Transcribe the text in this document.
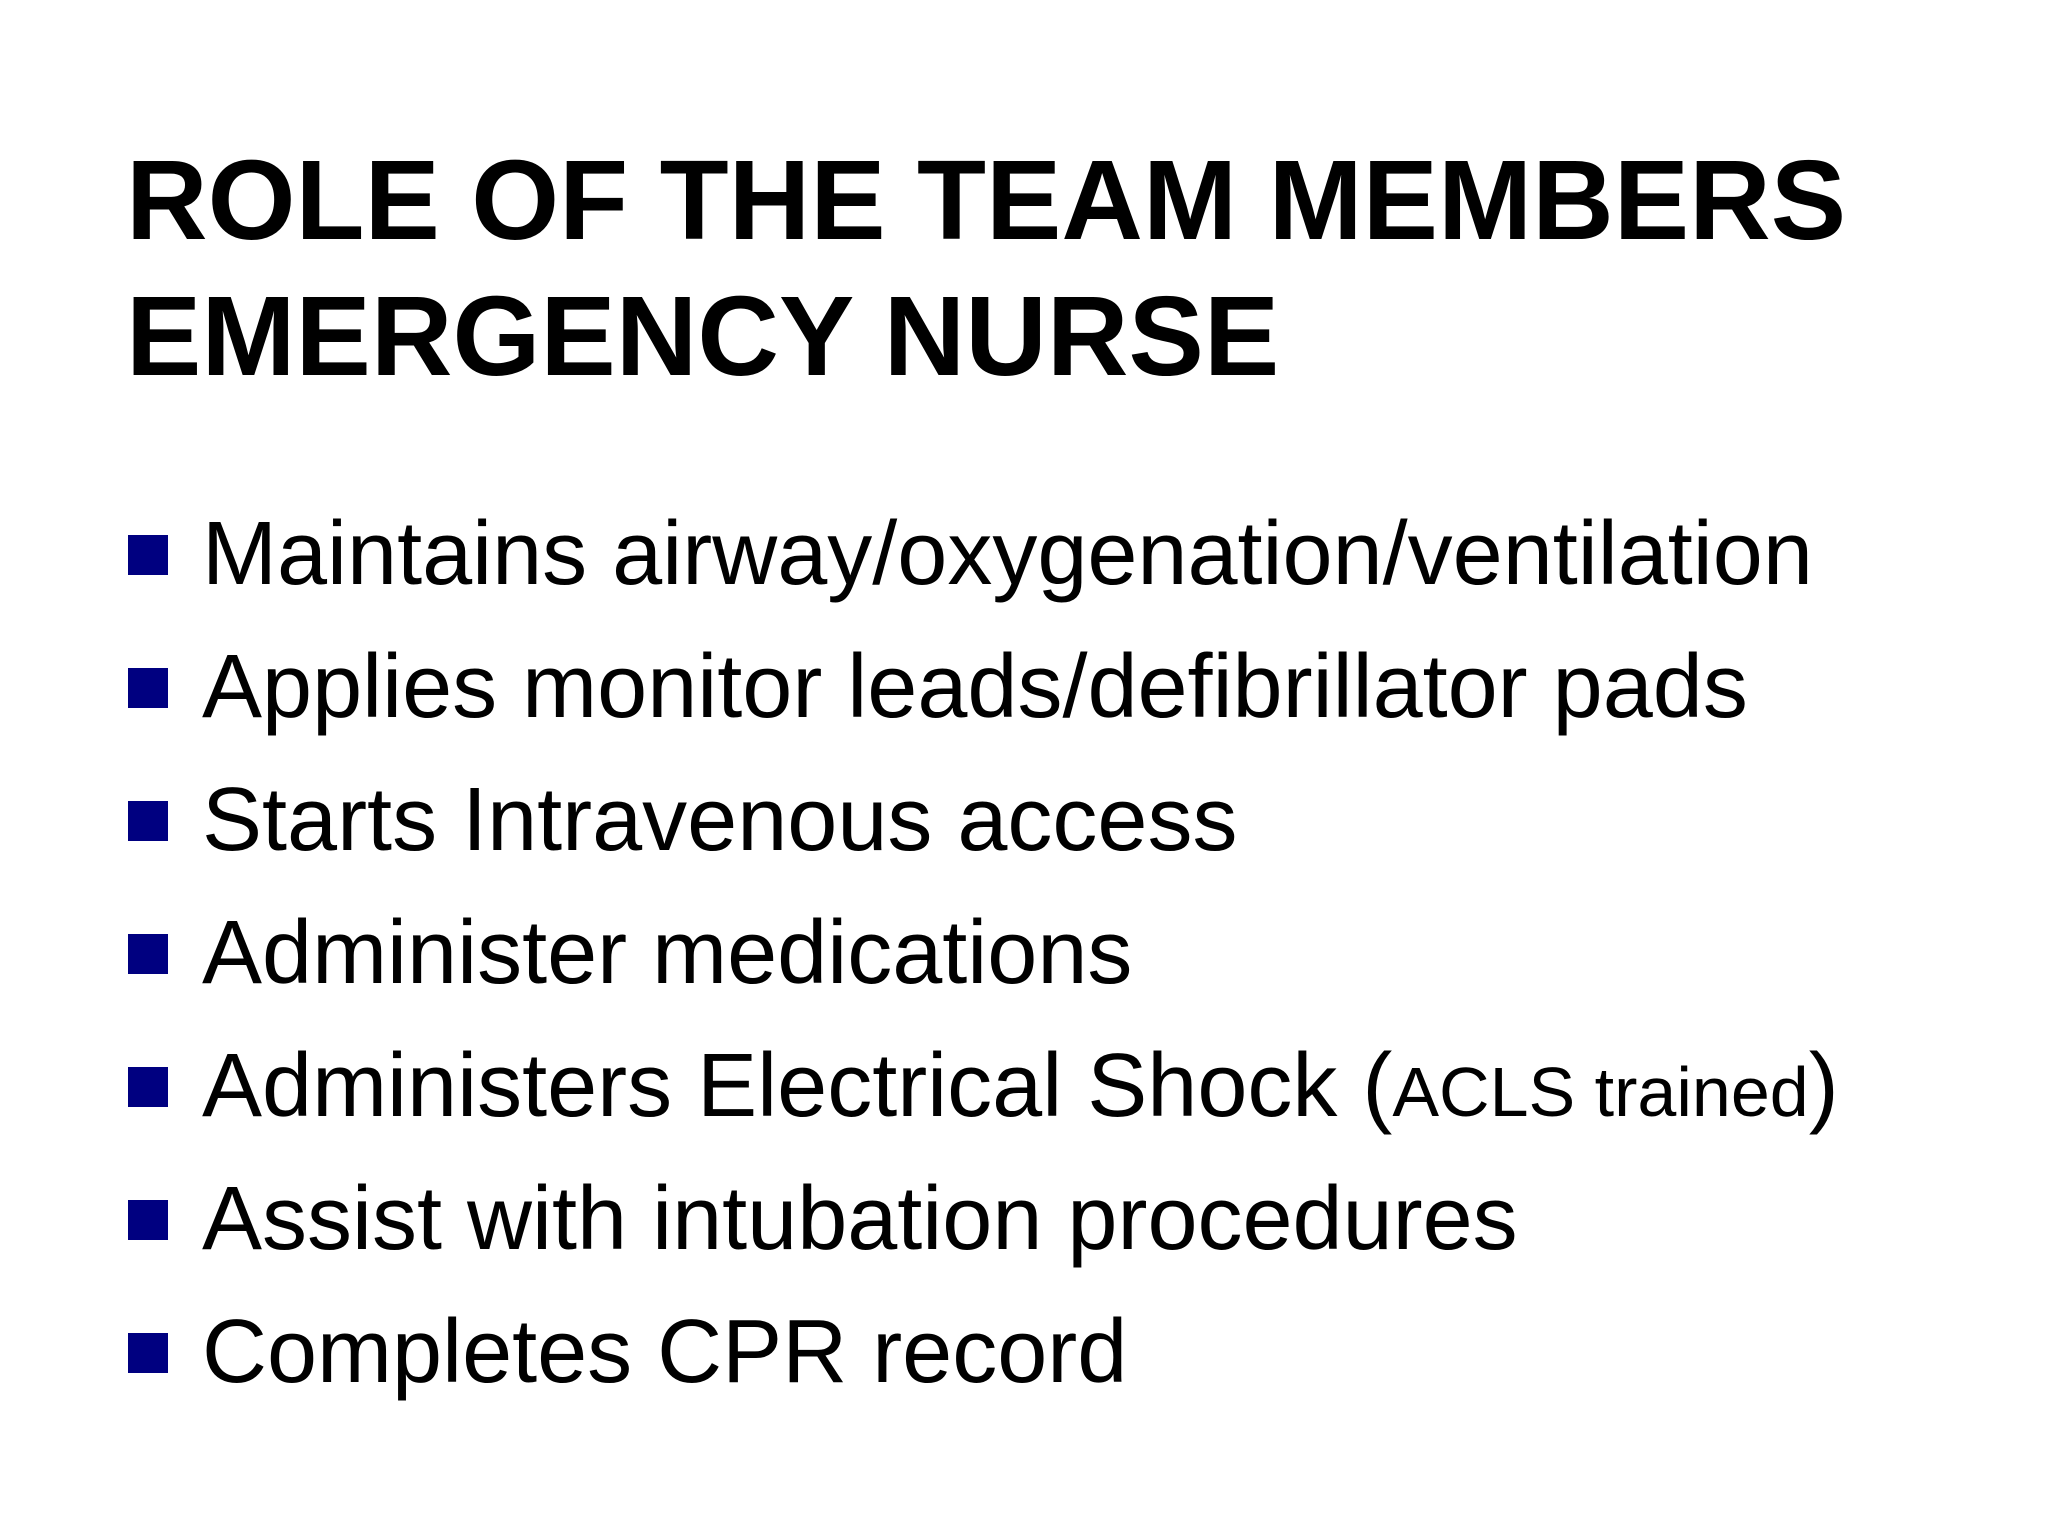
ROLE OF THE TEAM MEMBERS
EMERGENCY NURSE
Maintains airway/oxygenation/ventilation
Applies monitor leads/defibrillator pads
Starts Intravenous access
Administer medications
Administers Electrical Shock (ACLS trained)
Assist with intubation procedures
Completes CPR record
